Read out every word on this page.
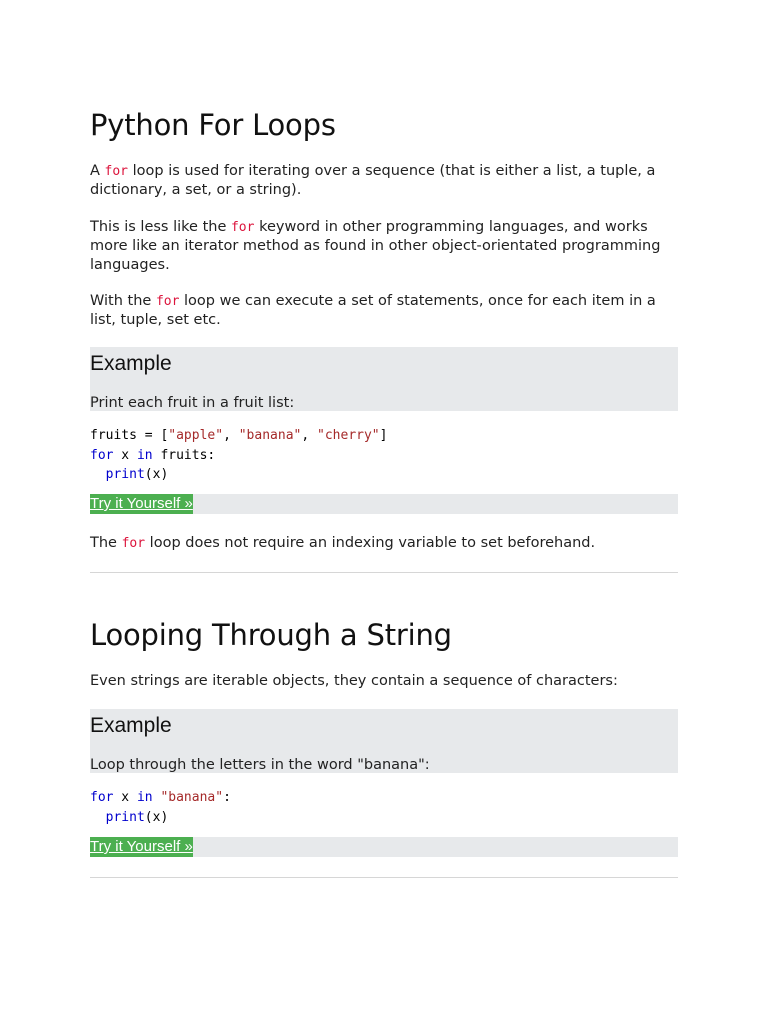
Python For Loops

A for loop is used for iterating over a sequence (that is either a list, a tuple, a dictionary, a set, or a string).

This is less like the for keyword in other programming languages, and works more like an iterator method as found in other object-orientated programming languages.

With the for loop we can execute a set of statements, once for each item in a list, tuple, set etc.

Example

Print each fruit in a fruit list:

fruits = ["apple", "banana", "cherry"]
for x in fruits:
print(x)
Try it Yourself »

The for loop does not require an indexing variable to set beforehand.

Looping Through a String

Even strings are iterable objects, they contain a sequence of characters:

Example

Loop through the letters in the word "banana":

for x in "banana":
print(x)
Try it Yourself »
